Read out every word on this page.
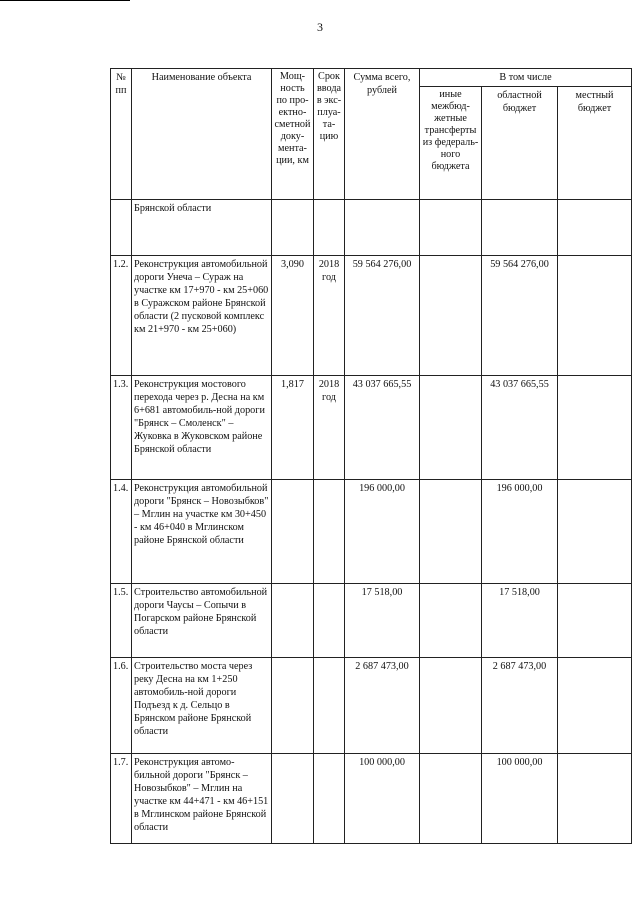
3
№ пп	Наименование объекта	Мощ-ность по про-ектно-сметной доку-мента-ции, км	Срок ввода в экс-плуа-та-цию	Сумма всего, рублей	В том числе		
					иные межбюд-жетные трансферты из федераль-ного бюджета	областной бюджет	местный бюджет
	Брянской области						
1.2.	Реконструкция автомобильной дороги Унеча – Сураж на участке км 17+970 - км 25+060 в Суражском районе Брянской области (2 пусковой комплекс км 21+970 - км 25+060)	3,090	2018 год	59 564 276,00		59 564 276,00	
1.3.	Реконструкция мостового перехода через р. Десна на км 6+681 автомобиль-ной дороги "Брянск – Смоленск" – Жуковка в Жуковском районе Брянской области	1,817	2018 год	43 037 665,55		43 037 665,55	
1.4.	Реконструкция автомобильной дороги "Брянск – Новозыбков" – Мглин на участке км 30+450 - км 46+040 в Мглинском районе Брянской области			196 000,00		196 000,00	
1.5.	Строительство автомобильной дороги Чаусы – Сопычи в Погарском районе Брянской области			17 518,00		17 518,00	
1.6.	Строительство моста через реку Десна на км 1+250 автомобиль-ной дороги Подъезд к д. Сельцо в Брянском районе Брянской области			2 687 473,00		2 687 473,00	
1.7.	Реконструкция автомо-бильной дороги "Брянск – Новозыбков" – Мглин на участке км 44+471 - км 46+151 в Мглинском районе Брянской области			100 000,00		100 000,00	
